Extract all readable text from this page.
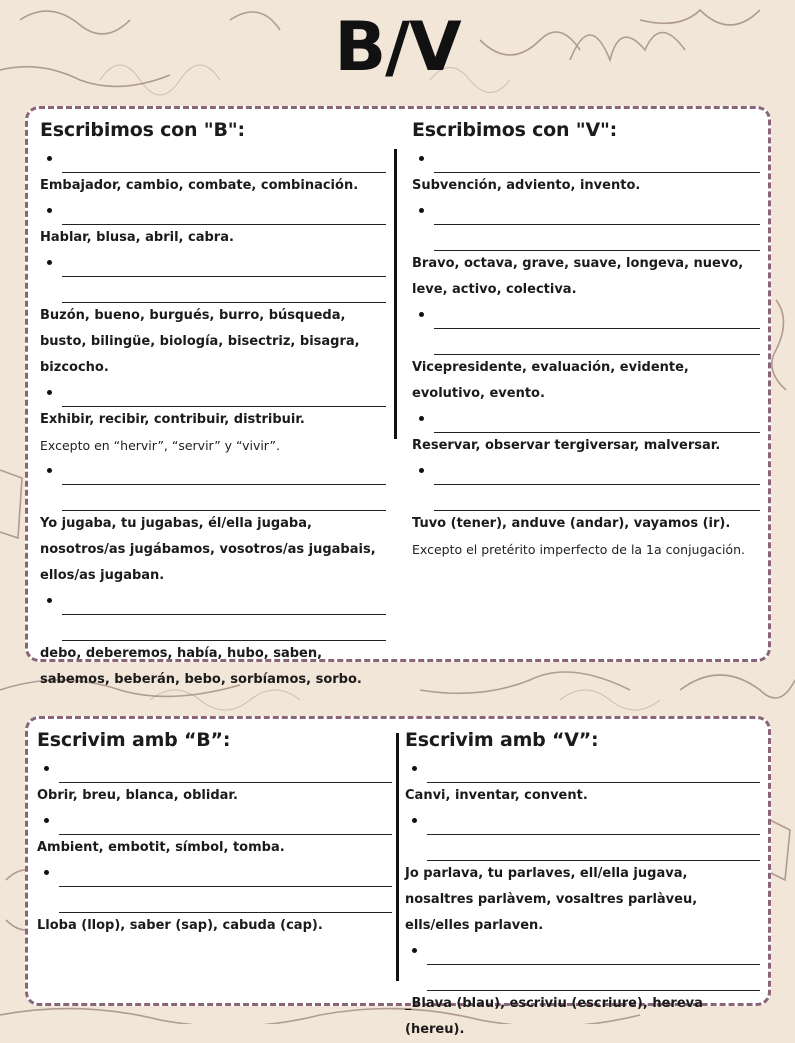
B/V
Escribimos con "B":
Embajador, cambio, combate, combinación.
Hablar, blusa, abril, cabra.
Buzón, bueno, burgués, burro, búsqueda, busto, bilingüe, biología, bisectriz, bisagra, bizcocho.
Exhibir, recibir, contribuir, distribuir.
Excepto en “hervir”, “servir” y “vivir”.
Yo jugaba, tu jugabas, él/ella jugaba, nosotros/as jugábamos, vosotros/as jugabais, ellos/as jugaban.
debo, deberemos, había, hubo, saben, sabemos, beberán, bebo, sorbíamos, sorbo.
Escribimos con "V":
Subvención, adviento, invento.
Bravo, octava, grave, suave, longeva, nuevo, leve, activo, colectiva.
Vicepresidente, evaluación, evidente, evolutivo, evento.
Reservar, observar tergiversar, malversar.
Tuvo (tener), anduve (andar), vayamos (ir).
Excepto el pretérito imperfecto de la 1a conjugación.
Escrivim amb “B”:
Obrir, breu, blanca, oblidar.
Ambient, embotit, símbol, tomba.
Lloba (llop), saber (sap), cabuda (cap).
Escrivim amb “V”:
Canvi, inventar, convent.
Jo parlava, tu parlaves, ell/ella jugava, nosaltres parlàvem, vosaltres parlàveu, ells/elles parlaven.
_Blava (blau), escriviu (escriure), hereva (hereu).
